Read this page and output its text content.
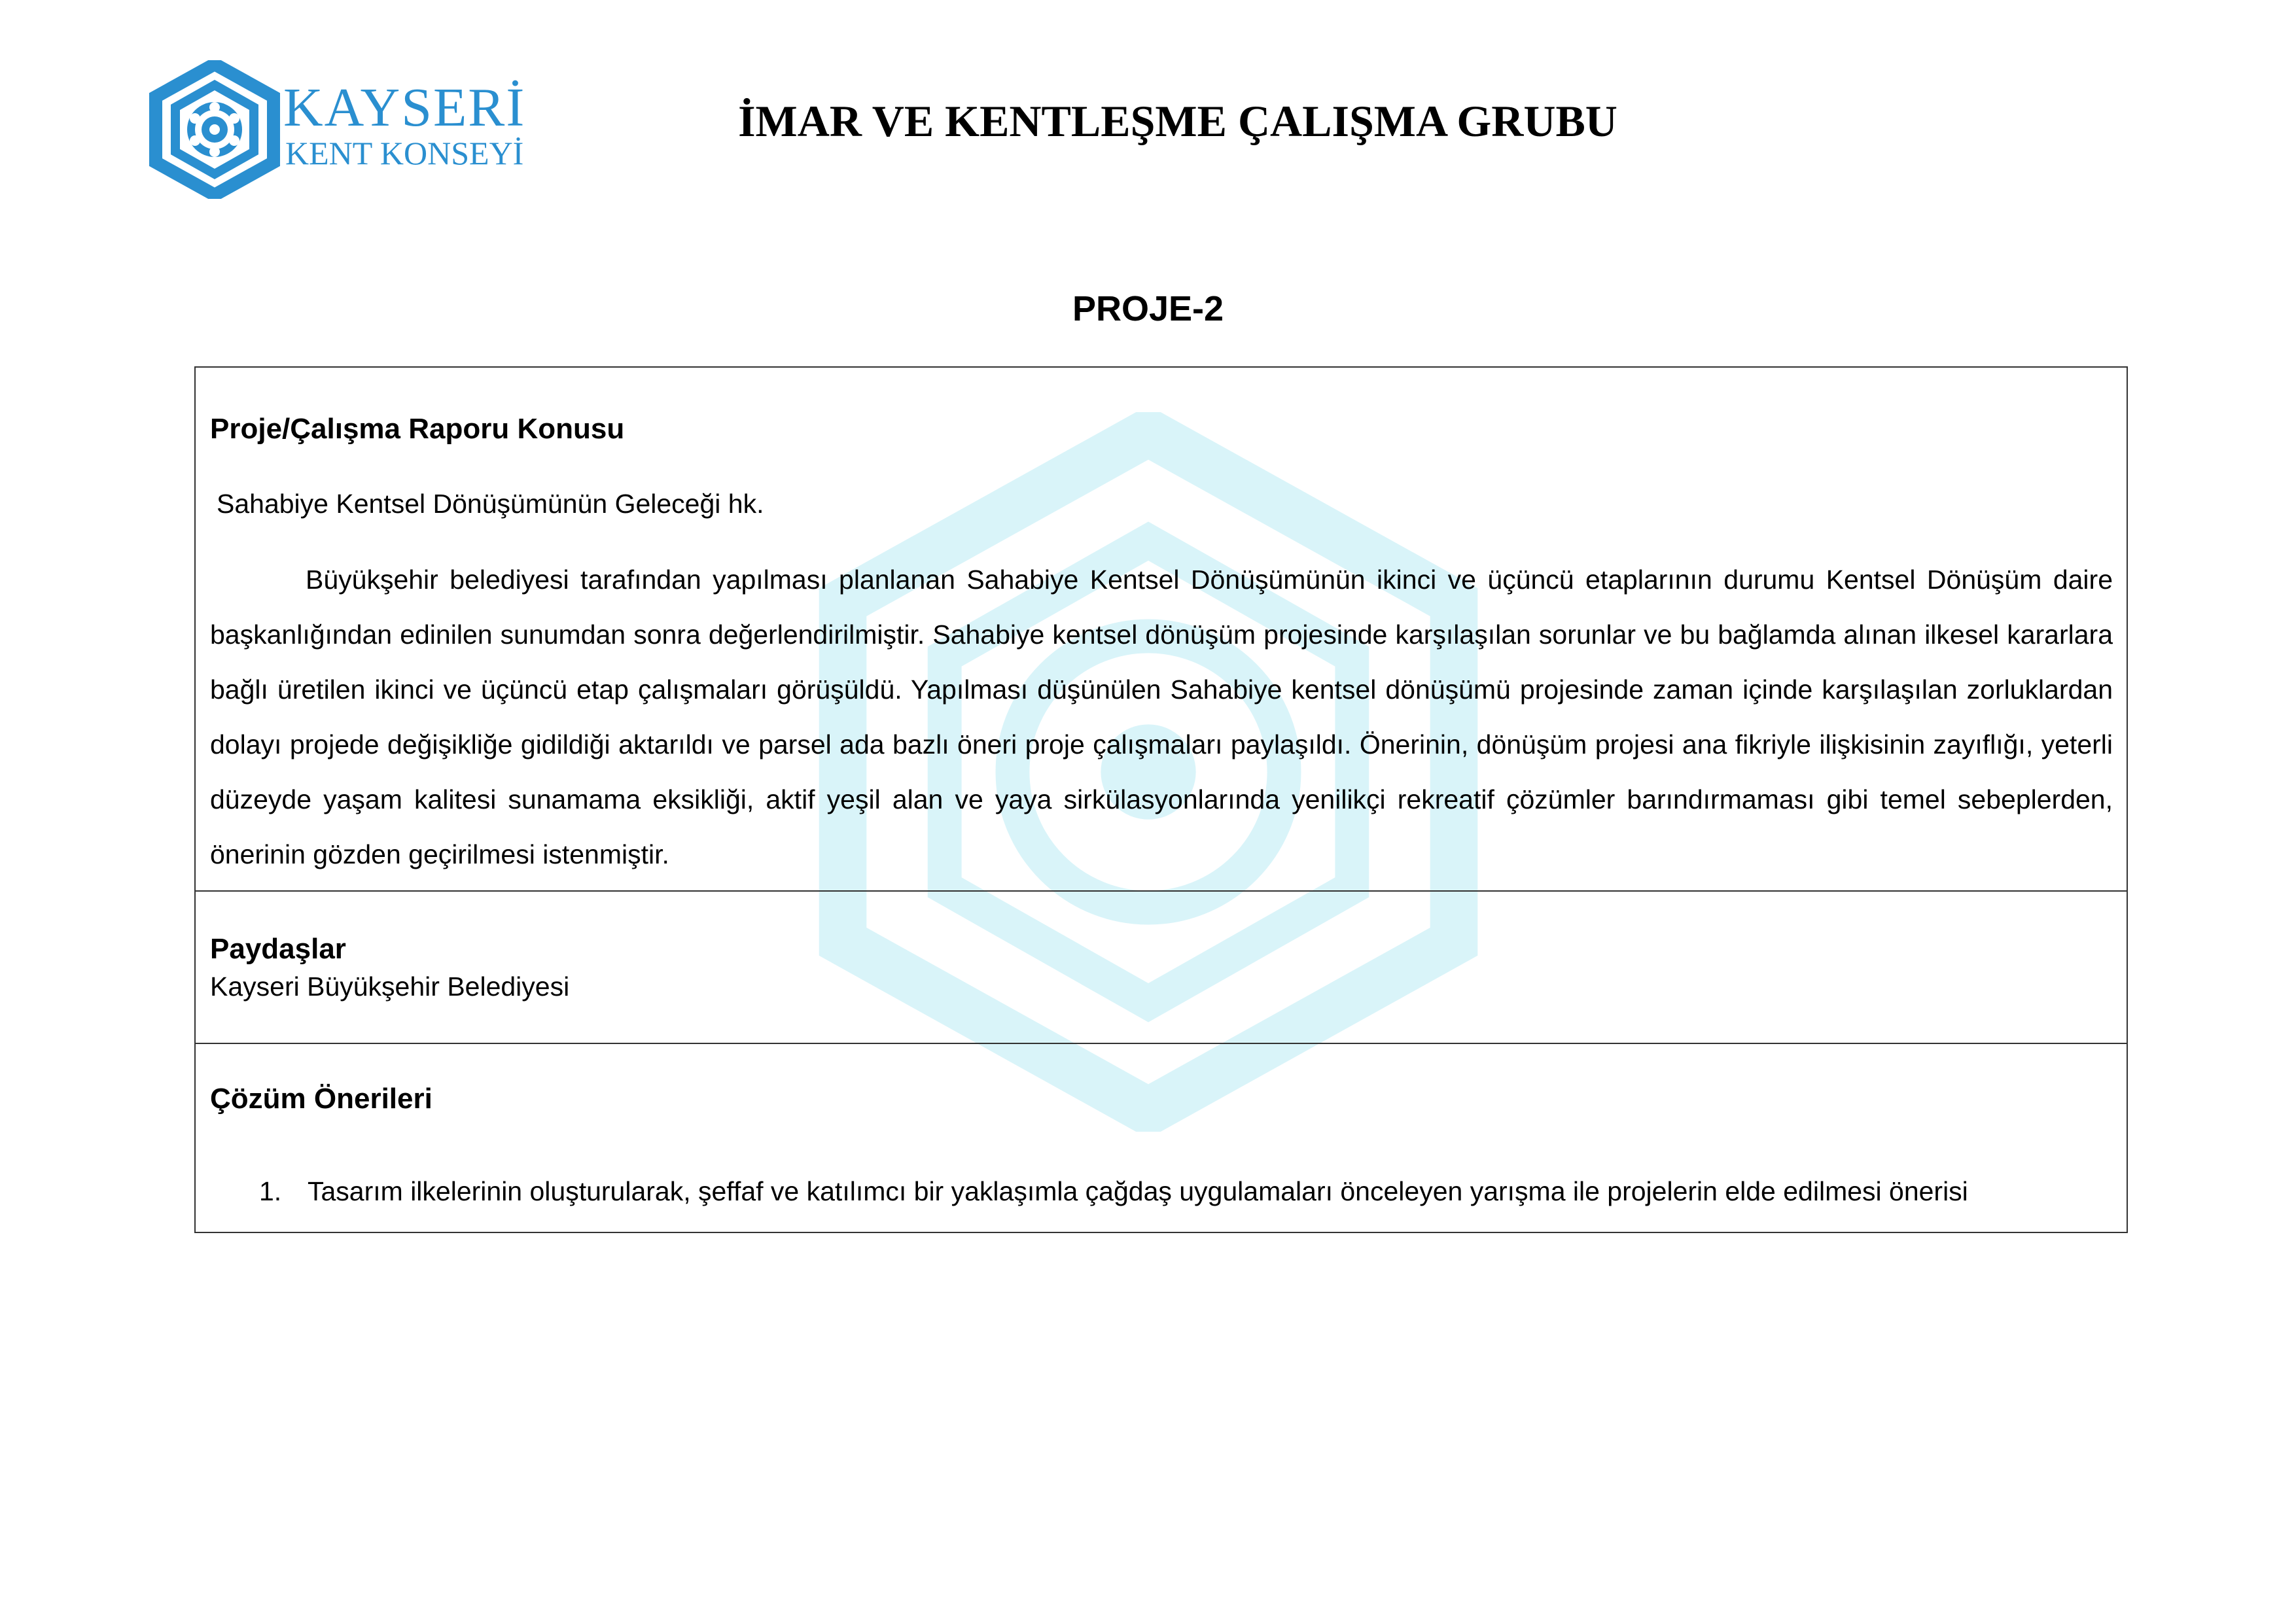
KAYSERİ
KENT KONSEYİ
İMAR VE KENTLEŞME ÇALIŞMA GRUBU
PROJE-2
Proje/Çalışma Raporu Konusu
Sahabiye Kentsel Dönüşümünün Geleceği hk.

Büyükşehir belediyesi tarafından yapılması planlanan Sahabiye Kentsel Dönüşümünün ikinci ve üçüncü etaplarının durumu Kentsel Dönüşüm daire başkanlığından edinilen sunumdan sonra değerlendirilmiştir. Sahabiye kentsel dönüşüm projesinde karşılaşılan sorunlar ve bu bağlamda alınan ilkesel kararlara bağlı üretilen ikinci ve üçüncü etap çalışmaları görüşüldü. Yapılması düşünülen Sahabiye kentsel dönüşümü projesinde zaman içinde karşılaşılan zorluklardan dolayı projede değişikliğe gidildiği aktarıldı ve parsel ada bazlı öneri proje çalışmaları paylaşıldı. Önerinin, dönüşüm projesi ana fikriyle ilişkisinin zayıflığı, yeterli düzeyde yaşam kalitesi sunamama eksikliği, aktif yeşil alan ve yaya sirkülasyonlarında yenilikçi rekreatif çözümler barındırmaması gibi temel sebeplerden, önerinin gözden geçirilmesi istenmiştir.

Paydaşlar
Kayseri Büyükşehir Belediyesi
Çözüm Önerileri
1. Tasarım ilkelerinin oluşturularak, şeffaf ve katılımcı bir yaklaşımla çağdaş uygulamaları önceleyen yarışma ile projelerin elde edilmesi önerisi
